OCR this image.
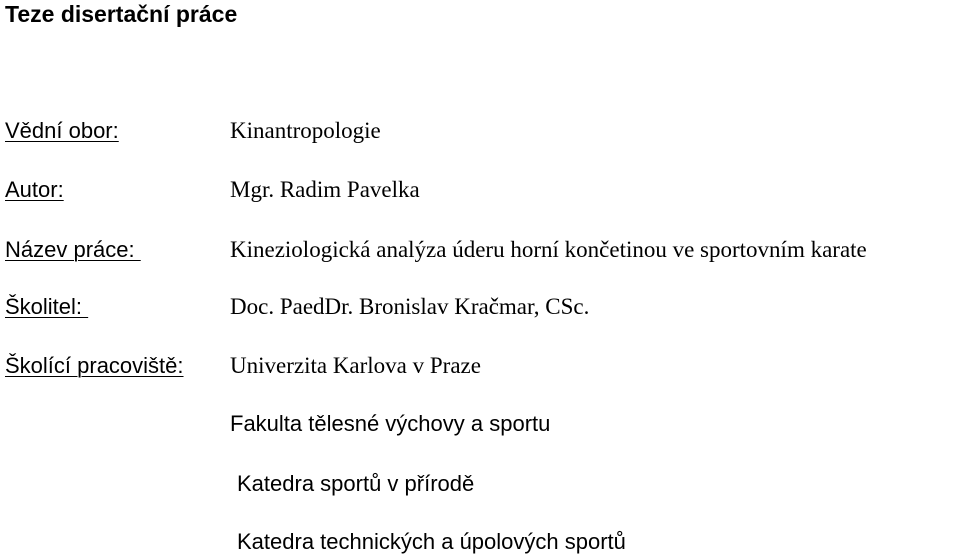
Teze disertační práce
Vědní obor:	Kinantropologie
Autor:	Mgr. Radim Pavelka
Název práce:	Kineziologická analýza úderu horní končetinou ve sportovním karate
Školitel:	Doc. PaedDr. Bronislav Kračmar, CSc.
Školící pracoviště: Univerzita Karlova v Praze
Fakulta tělesné výchovy a sportu
Katedra sportů v přírodě
Katedra technických a úpolových sportů
